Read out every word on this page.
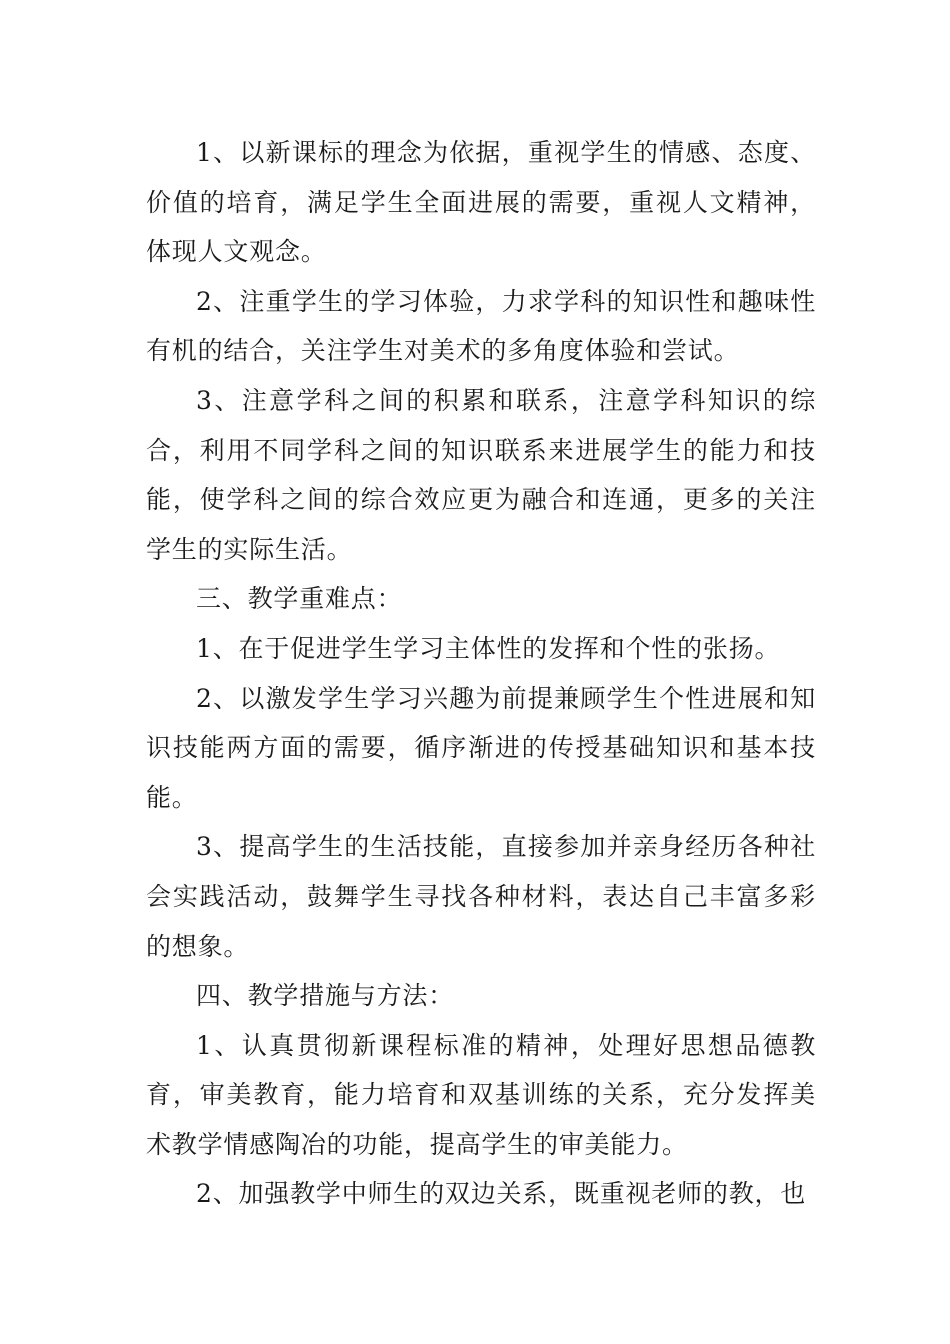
1、以新课标的理念为依据，重视学生的情感、态度、价值的培育，满足学生全面进展的需要，重视人文精神，体现人文观念。

2、注重学生的学习体验，力求学科的知识性和趣味性有机的结合，关注学生对美术的多角度体验和尝试。

3、注意学科之间的积累和联系，注意学科知识的综合，利用不同学科之间的知识联系来进展学生的能力和技能，使学科之间的综合效应更为融合和连通，更多的关注学生的实际生活。

三、教学重难点：

1、在于促进学生学习主体性的发挥和个性的张扬。

2、以激发学生学习兴趣为前提兼顾学生个性进展和知识技能两方面的需要，循序渐进的传授基础知识和基本技能。

3、提高学生的生活技能，直接参加并亲身经历各种社会实践活动，鼓舞学生寻找各种材料，表达自己丰富多彩的想象。

四、教学措施与方法：

1、认真贯彻新课程标准的精神，处理好思想品德教育，审美教育，能力培育和双基训练的关系，充分发挥美术教学情感陶冶的功能，提高学生的审美能力。

2、加强教学中师生的双边关系，既重视老师的教，也
